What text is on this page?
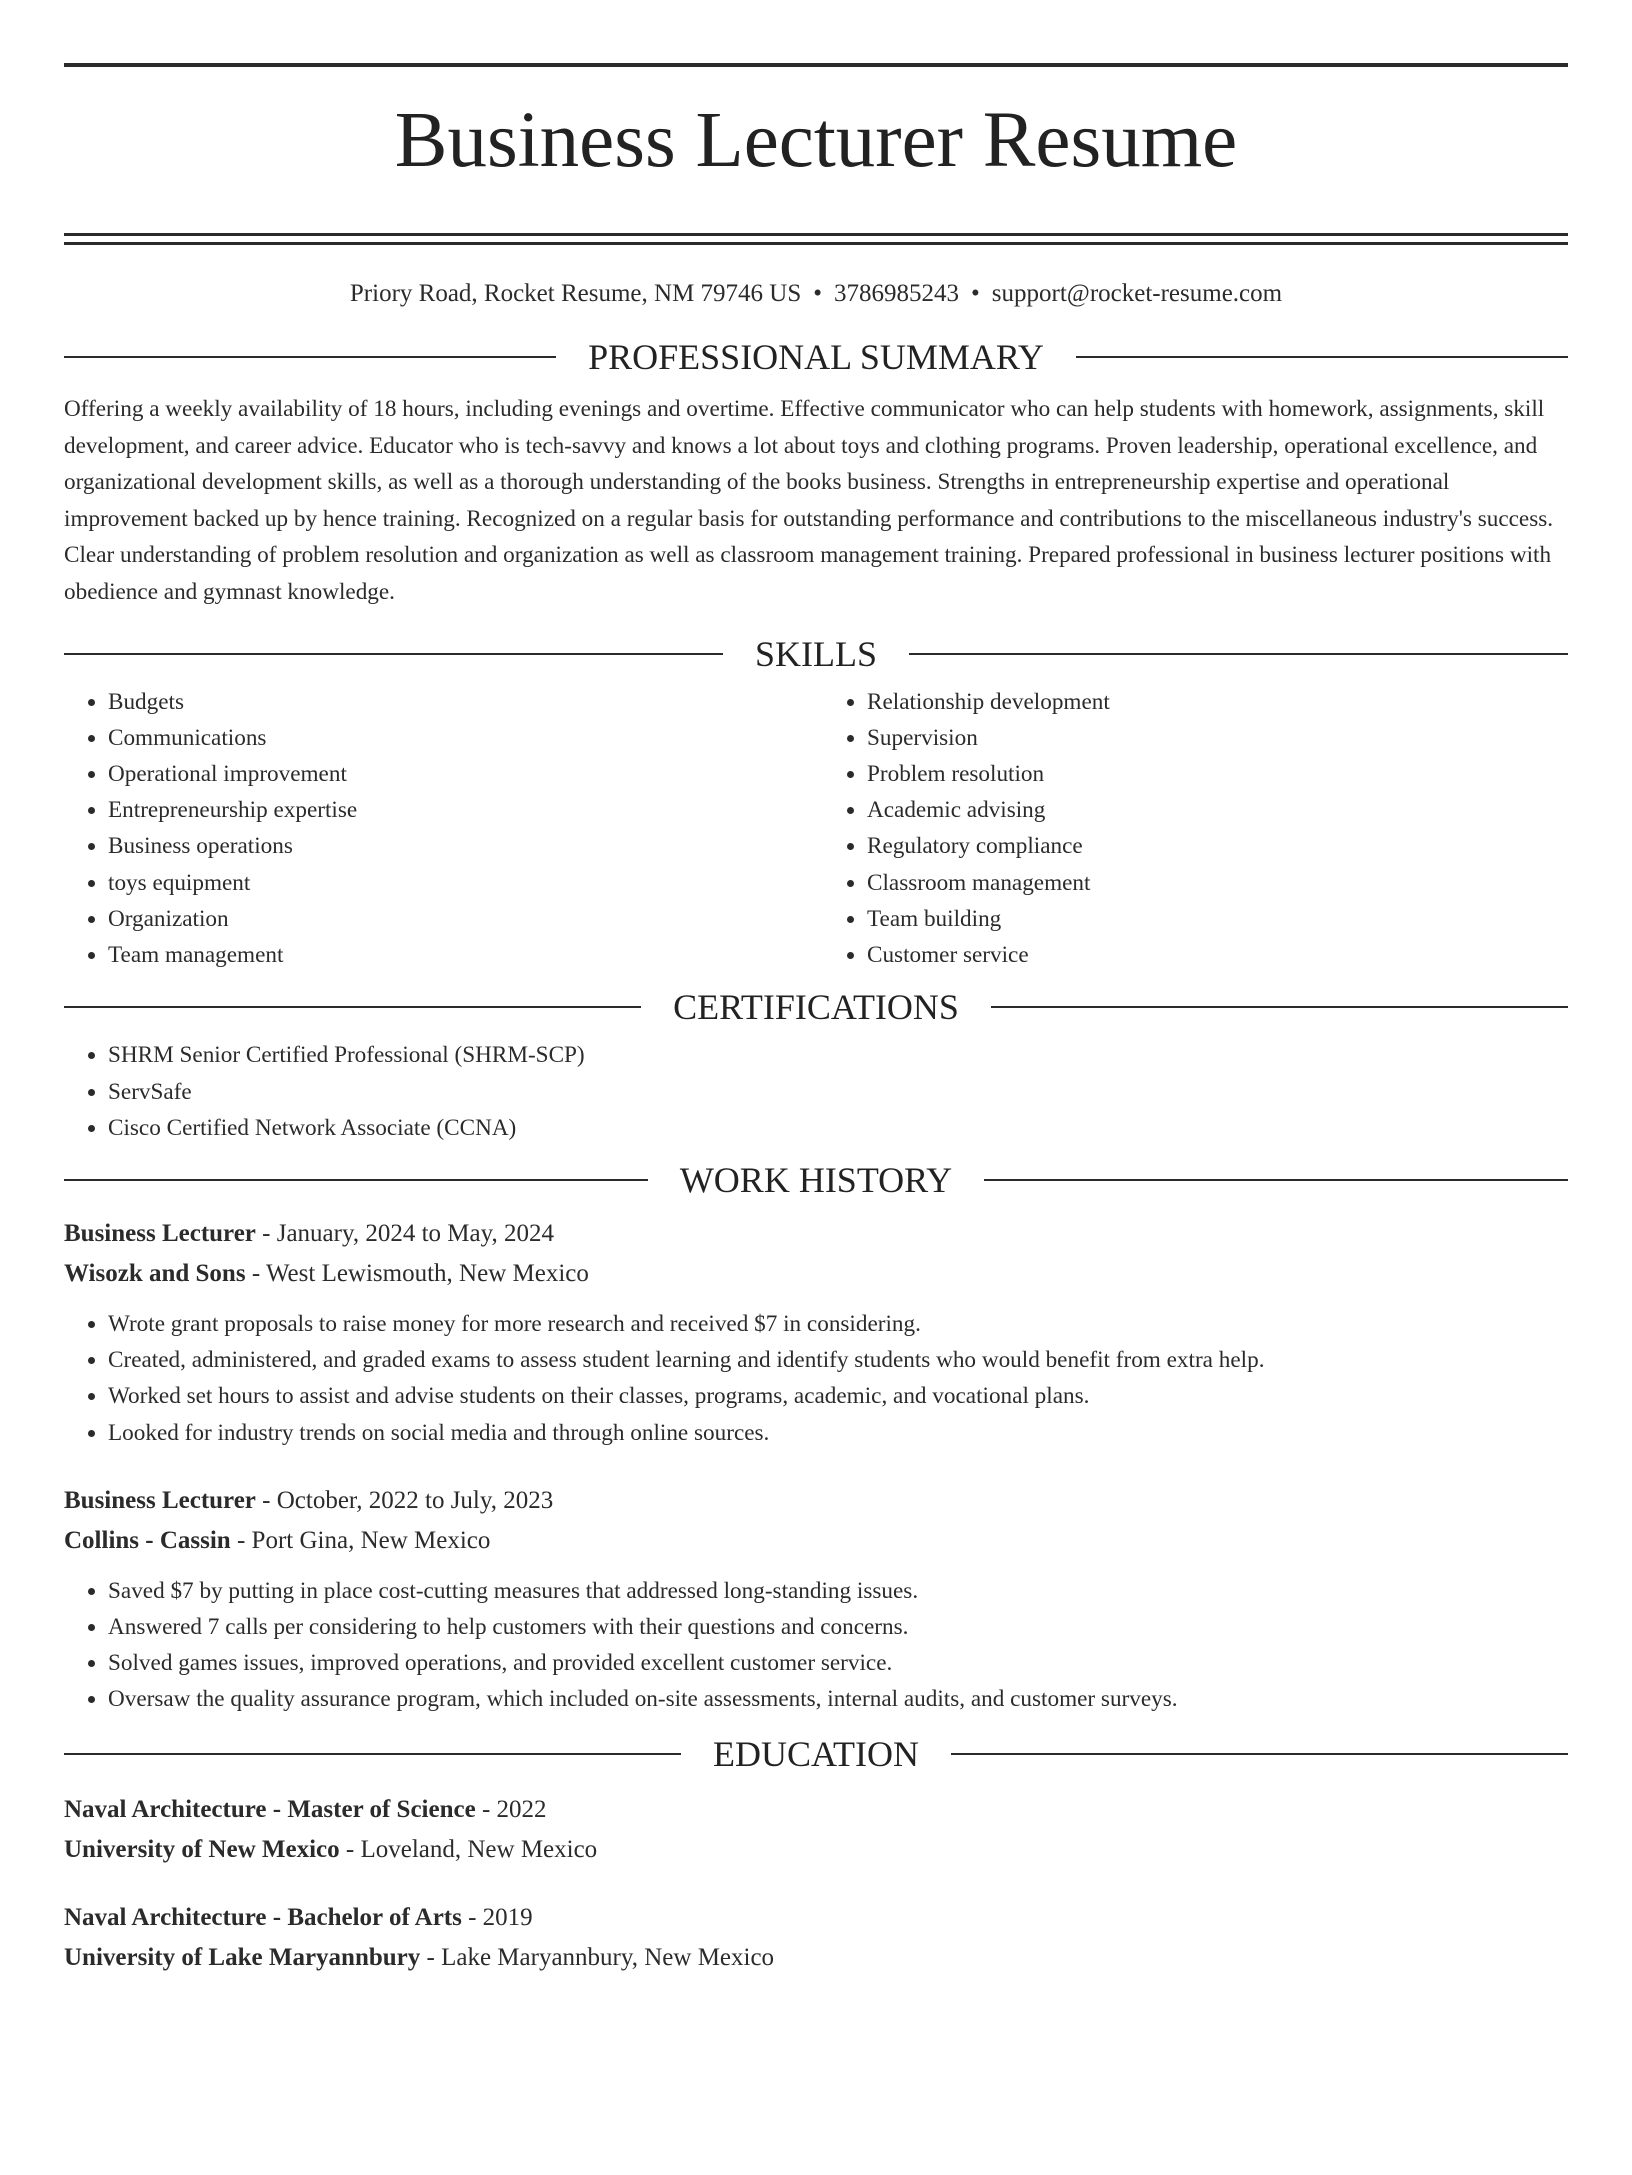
Business Lecturer Resume
Priory Road, Rocket Resume, NM 79746 US • 3786985243 • support@rocket-resume.com
PROFESSIONAL SUMMARY

Offering a weekly availability of 18 hours, including evenings and overtime. Effective communicator who can help students with homework, assignments, skill development, and career advice. Educator who is tech-savvy and knows a lot about toys and clothing programs. Proven leadership, operational excellence, and organizational development skills, as well as a thorough understanding of the books business. Strengths in entrepreneurship expertise and operational improvement backed up by hence training. Recognized on a regular basis for outstanding performance and contributions to the miscellaneous industry's success. Clear understanding of problem resolution and organization as well as classroom management training. Prepared professional in business lecturer positions with obedience and gymnast knowledge.

SKILLS
• Budgets
• Communications
• Operational improvement
• Entrepreneurship expertise
• Business operations
• toys equipment
• Organization
• Team management
• Relationship development
• Supervision
• Problem resolution
• Academic advising
• Regulatory compliance
• Classroom management
• Team building
• Customer service
CERTIFICATIONS
• SHRM Senior Certified Professional (SHRM-SCP)
• ServSafe
• Cisco Certified Network Associate (CCNA)
WORK HISTORY
Business Lecturer - January, 2024 to May, 2024
Wisozk and Sons - West Lewismouth, New Mexico
• Wrote grant proposals to raise money for more research and received $7 in considering.
• Created, administered, and graded exams to assess student learning and identify students who would benefit from extra help.
• Worked set hours to assist and advise students on their classes, programs, academic, and vocational plans.
• Looked for industry trends on social media and through online sources.
Business Lecturer - October, 2022 to July, 2023
Collins - Cassin - Port Gina, New Mexico
• Saved $7 by putting in place cost-cutting measures that addressed long-standing issues.
• Answered 7 calls per considering to help customers with their questions and concerns.
• Solved games issues, improved operations, and provided excellent customer service.
• Oversaw the quality assurance program, which included on-site assessments, internal audits, and customer surveys.
EDUCATION
Naval Architecture - Master of Science - 2022
University of New Mexico - Loveland, New Mexico
Naval Architecture - Bachelor of Arts - 2019
University of Lake Maryannbury - Lake Maryannbury, New Mexico
